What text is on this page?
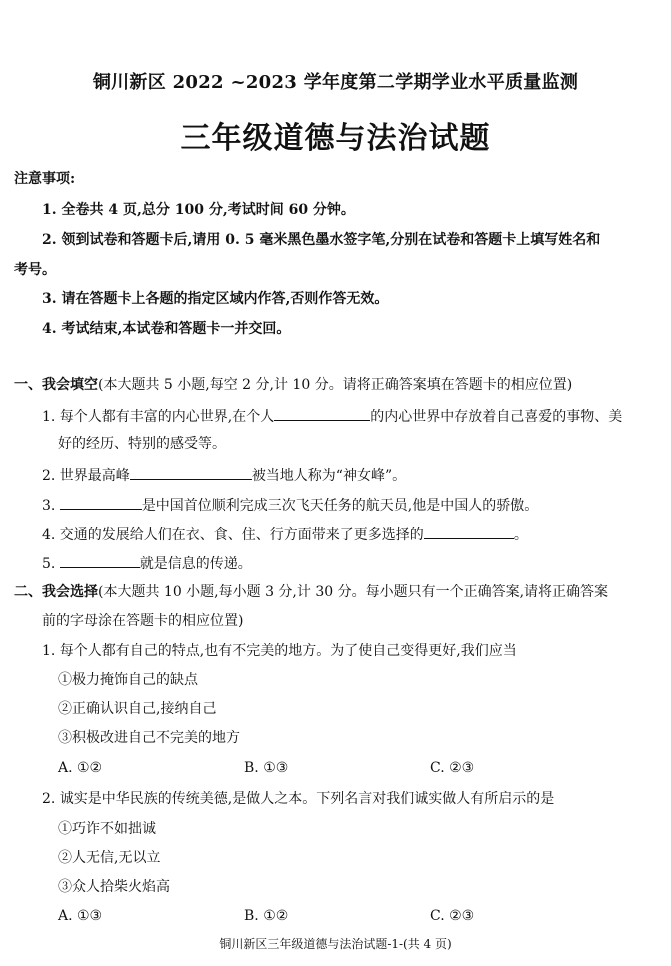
铜川新区 2022 ~2023 学年度第二学期学业水平质量监测
三年级道德与法治试题
注意事项:
1. 全卷共 4 页,总分 100 分,考试时间 60 分钟。
2. 领到试卷和答题卡后,请用 0. 5 毫米黑色墨水签字笔,分别在试卷和答题卡上填写姓名和
考号。
3. 请在答题卡上各题的指定区域内作答,否则作答无效。
4. 考试结束,本试卷和答题卡一并交回。
一、我会填空(本大题共 5 小题,每空 2 分,计 10 分。请将正确答案填在答题卡的相应位置)
1. 每个人都有丰富的内心世界,在个人	的内心世界中存放着自己喜爱的事物、美
好的经历、特别的感受等。
2. 世界最高峰	被当地人称为“神女峰”。
3.	是中国首位顺利完成三次飞天任务的航天员,他是中国人的骄傲。
4. 交通的发展给人们在衣、食、住、行方面带来了更多选择的	。
5.	就是信息的传递。
二、我会选择(本大题共 10 小题,每小题 3 分,计 30 分。每小题只有一个正确答案,请将正确答案
前的字母涂在答题卡的相应位置)
1. 每个人都有自己的特点,也有不完美的地方。为了使自己变得更好,我们应当
①极力掩饰自己的缺点
②正确认识自己,接纳自己
③积极改进自己不完美的地方
A. ①②	B. ①③	C. ②③
2. 诚实是中华民族的传统美德,是做人之本。下列名言对我们诚实做人有所启示的是
①巧诈不如拙诚
②人无信,无以立
③众人拾柴火焰高
A. ①③	B. ①②	C. ②③
铜川新区三年级道德与法治试题-1-(共 4 页)
